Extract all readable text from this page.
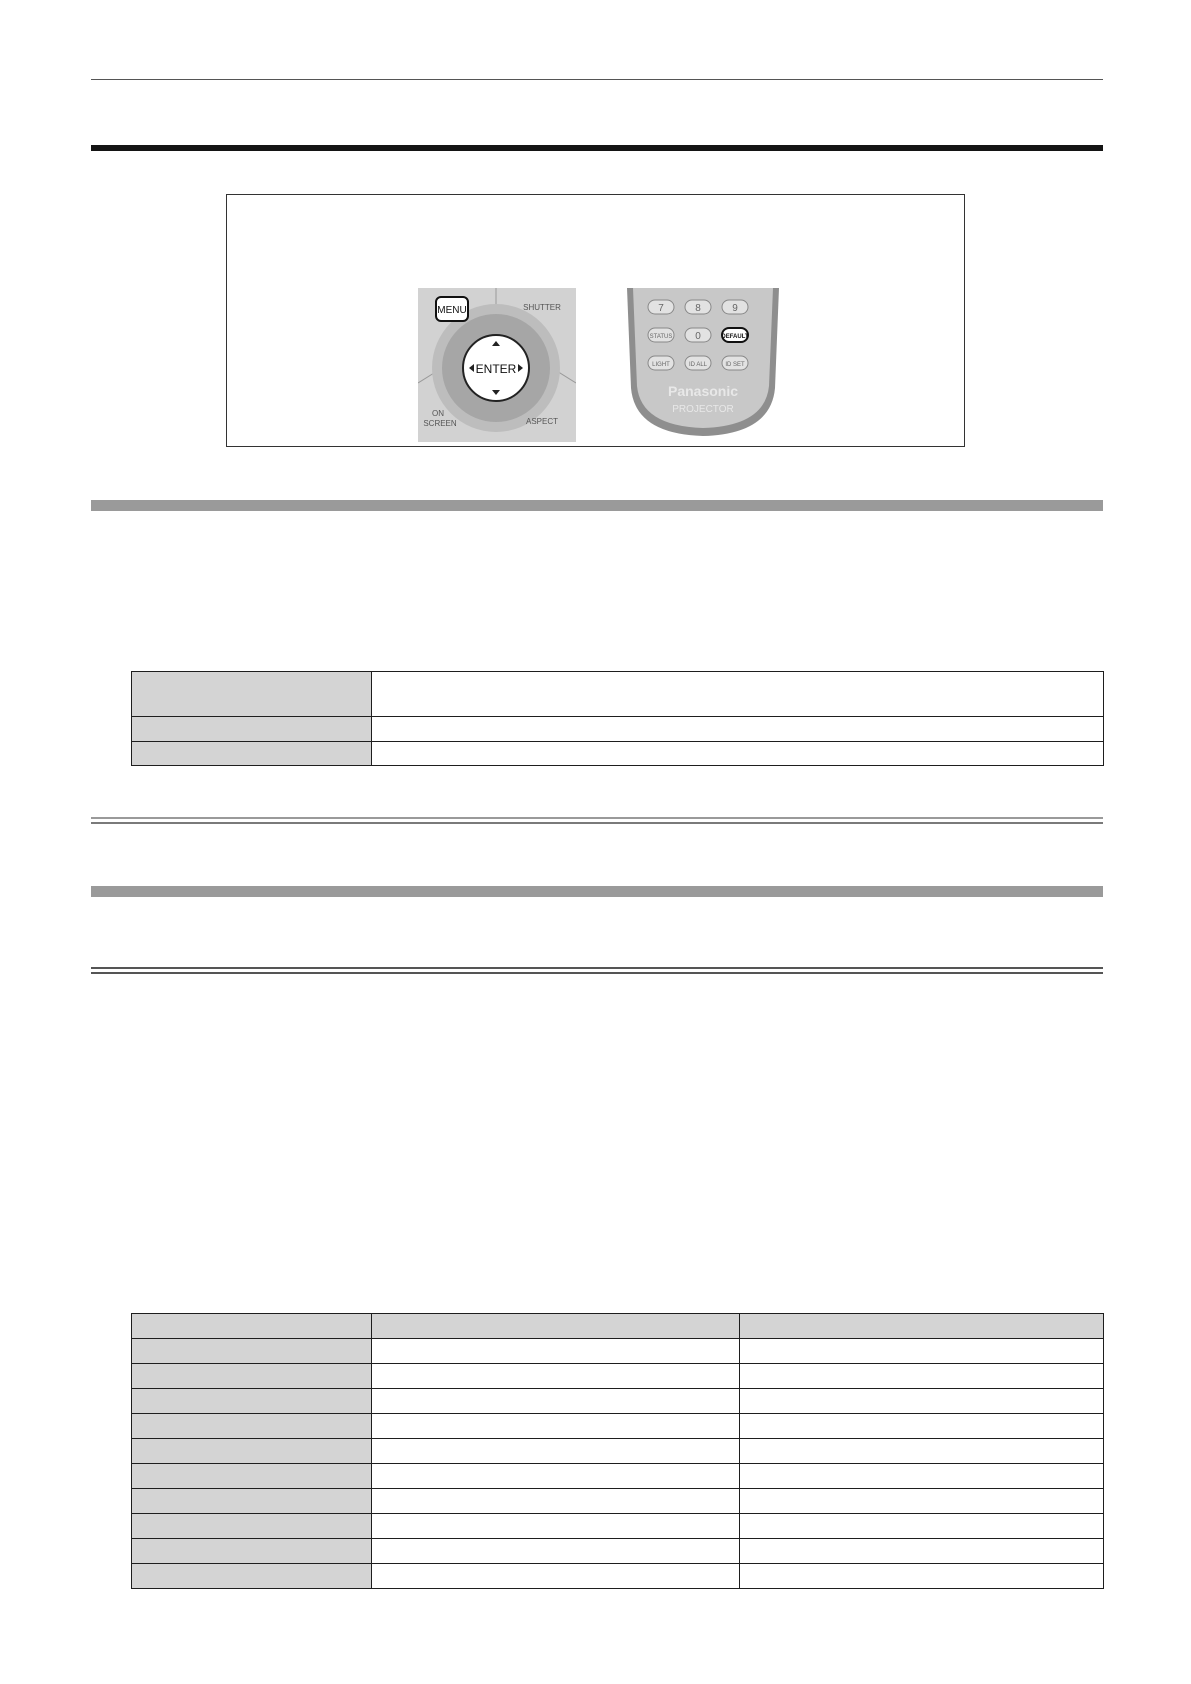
ENTER
MENU	SHUTTER
ON
SCREEN	ASPECT
7	8	9
STATUS 0	DEFAULT
LIGHT	ID ALL	ID SET
Panasonic
PROJECTOR
